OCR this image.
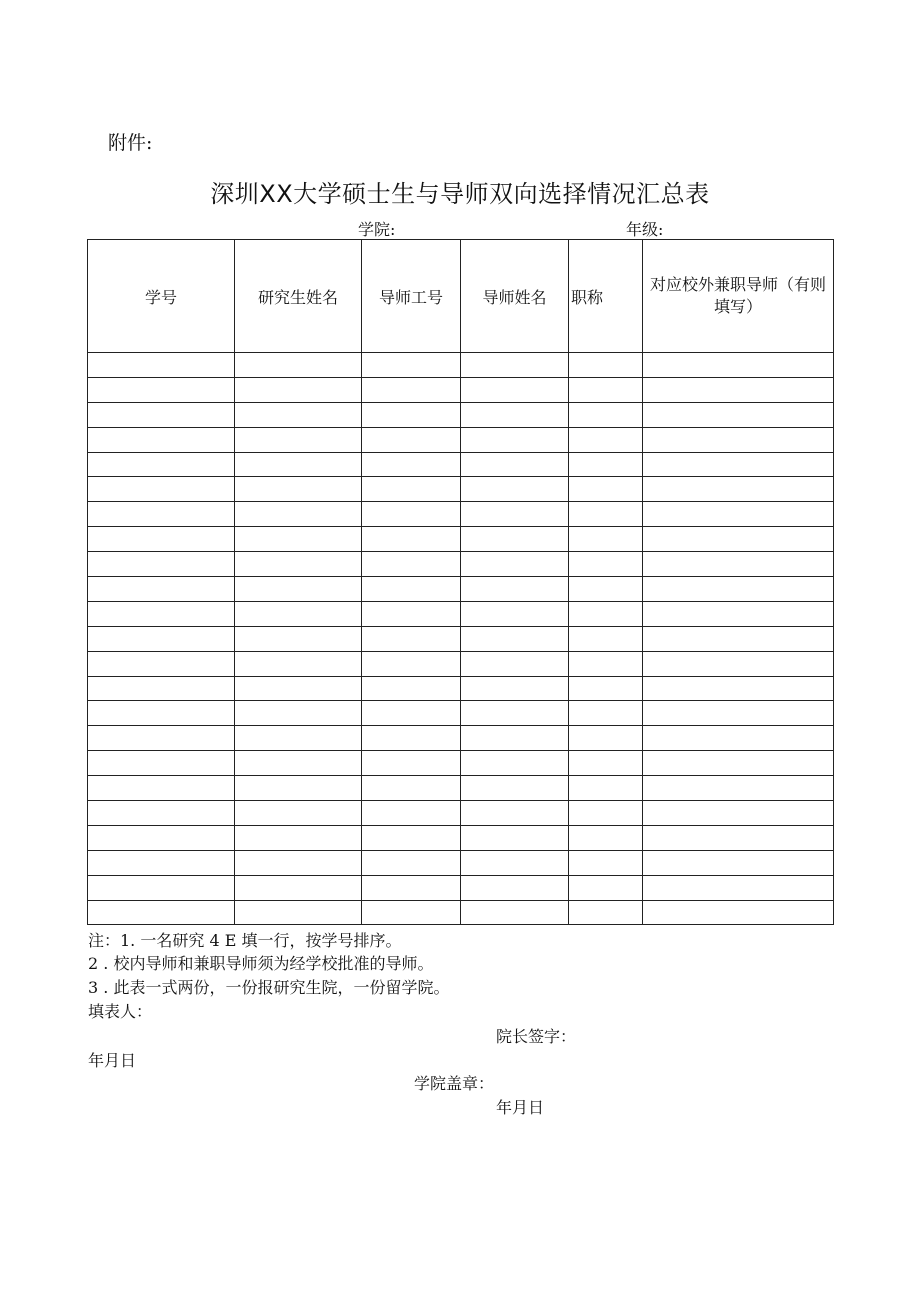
附件:
深圳XX大学硕士生与导师双向选择情况汇总表
学院:	年级:
学号	研究生姓名	导师工号	导师姓名	职称	对应校外兼职导师（有则填写）

注：1. 一名研究 4 E 填一行，按学号排序。
2 . 校内导师和兼职导师须为经学校批准的导师。
3 . 此表一式两份，一份报研究生院，一份留学院。
填表人：
院长签字：
年月日
学院盖章：
年月日
